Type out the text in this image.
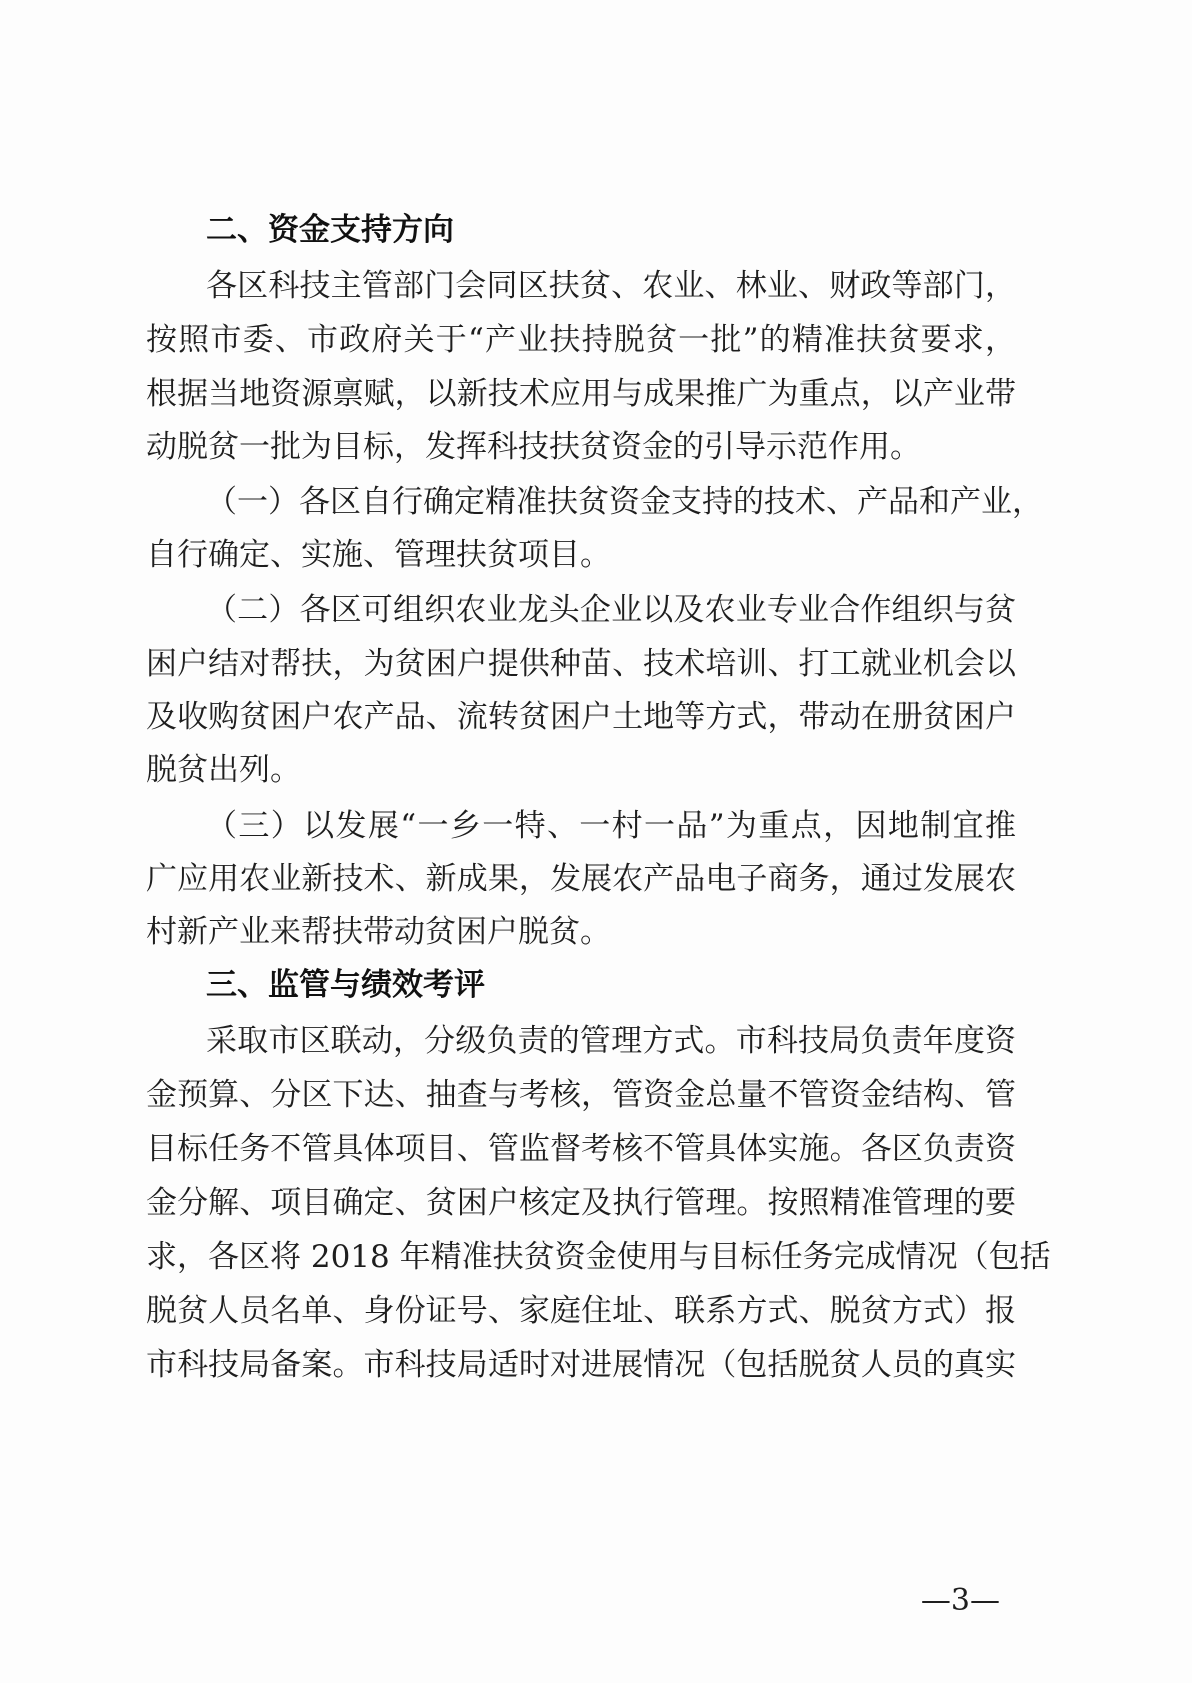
二、资金支持方向
各区科技主管部门会同区扶贫、农业、林业、财政等部门，
按照市委、市政府关于“产业扶持脱贫一批”的精准扶贫要求，
根据当地资源禀赋，以新技术应用与成果推广为重点，以产业带
动脱贫一批为目标，发挥科技扶贫资金的引导示范作用。
（一）各区自行确定精准扶贫资金支持的技术、产品和产业，
自行确定、实施、管理扶贫项目。
（二）各区可组织农业龙头企业以及农业专业合作组织与贫
困户结对帮扶，为贫困户提供种苗、技术培训、打工就业机会以
及收购贫困户农产品、流转贫困户土地等方式，带动在册贫困户
脱贫出列。
（三）以发展“一乡一特、一村一品”为重点，因地制宜推
广应用农业新技术、新成果，发展农产品电子商务，通过发展农
村新产业来帮扶带动贫困户脱贫。
三、监管与绩效考评
采取市区联动，分级负责的管理方式。市科技局负责年度资
金预算、分区下达、抽查与考核，管资金总量不管资金结构、管
目标任务不管具体项目、管监督考核不管具体实施。各区负责资
金分解、项目确定、贫困户核定及执行管理。按照精准管理的要
求，各区将 2018 年精准扶贫资金使用与目标任务完成情况（包括
脱贫人员名单、身份证号、家庭住址、联系方式、脱贫方式）报
市科技局备案。市科技局适时对进展情况（包括脱贫人员的真实
—3—
